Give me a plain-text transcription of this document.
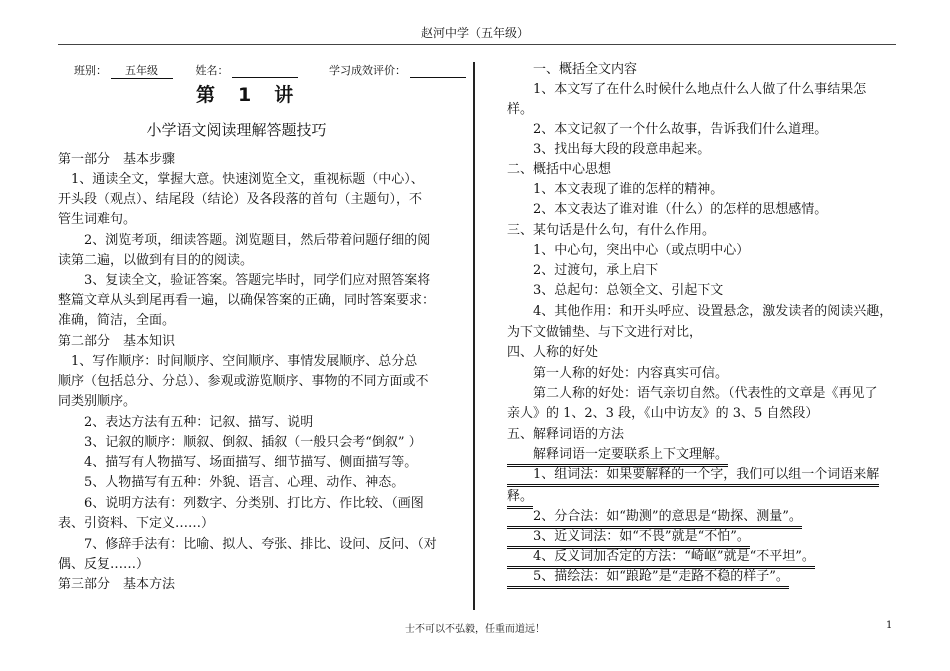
赵河中学（五年级）
班别： 五年级	姓名：	学习成效评价：
第　1　讲
小学语文阅读理解答题技巧
第一部分　基本步骤
　1、通读全文，掌握大意。快速浏览全文，重视标题（中心）、
开头段（观点）、结尾段（结论）及各段落的首句（主题句），不
管生词难句。
　　2、浏览考项，细读答题。浏览题目，然后带着问题仔细的阅
读第二遍，以做到有目的的阅读。
　　3、复读全文，验证答案。答题完毕时，同学们应对照答案将
整篇文章从头到尾再看一遍，以确保答案的正确，同时答案要求：
准确，简洁，全面。
第二部分　基本知识
　1、写作顺序：时间顺序、空间顺序、事情发展顺序、总分总
顺序（包括总分、分总）、参观或游览顺序、事物的不同方面或不
同类别顺序。
　　2、表达方法有五种：记叙、描写、说明
　　3、记叙的顺序：顺叙、倒叙、插叙（一般只会考“倒叙” ）
　　4、描写有人物描写、场面描写、细节描写、侧面描写等。
　　5、人物描写有五种：外貌、语言、心理、动作、神态。
　　6、说明方法有：列数字、分类别、打比方、作比较、（画图
表、引资料、下定义……）
　　7、修辞手法有：比喻、拟人、夸张、排比、设问、反问、（对
偶、反复……）
第三部分　基本方法
　　一、概括全文内容
　　1、本文写了在什么时候什么地点什么人做了什么事结果怎
样。
　　2、本文记叙了一个什么故事，告诉我们什么道理。
　　3、找出每大段的段意串起来。
二、概括中心思想
　　1、本文表现了谁的怎样的精神。
　　2、本文表达了谁对谁（什么）的怎样的思想感情。
三、某句话是什么句，有什么作用。
　　1、中心句，突出中心（或点明中心）
　　2、过渡句，承上启下
　　3、总起句：总领全文、引起下文
　　4、其他作用：和开头呼应、设置悬念，激发读者的阅读兴趣，
为下文做铺垫、与下文进行对比，
四、人称的好处
　　第一人称的好处：内容真实可信。
　　第二人称的好处：语气亲切自然。（代表性的文章是《再见了
亲人》的 1、2、3 段，《山中访友》的 3、5 自然段）
五、解释词语的方法
　　解释词语一定要联系上下文理解。
　　1、组词法：如果要解释的一个字，我们可以组一个词语来解
释。
　　2、分合法：如“勘测”的意思是“勘探、测量”。
　　3、近义词法：如“不畏”就是“不怕”。
　　4、反义词加否定的方法：“崎岖”就是“不平坦”。
　　5、描绘法：如“踉跄”是“走路不稳的样子”。
士不可以不弘毅，任重而道远！	1
